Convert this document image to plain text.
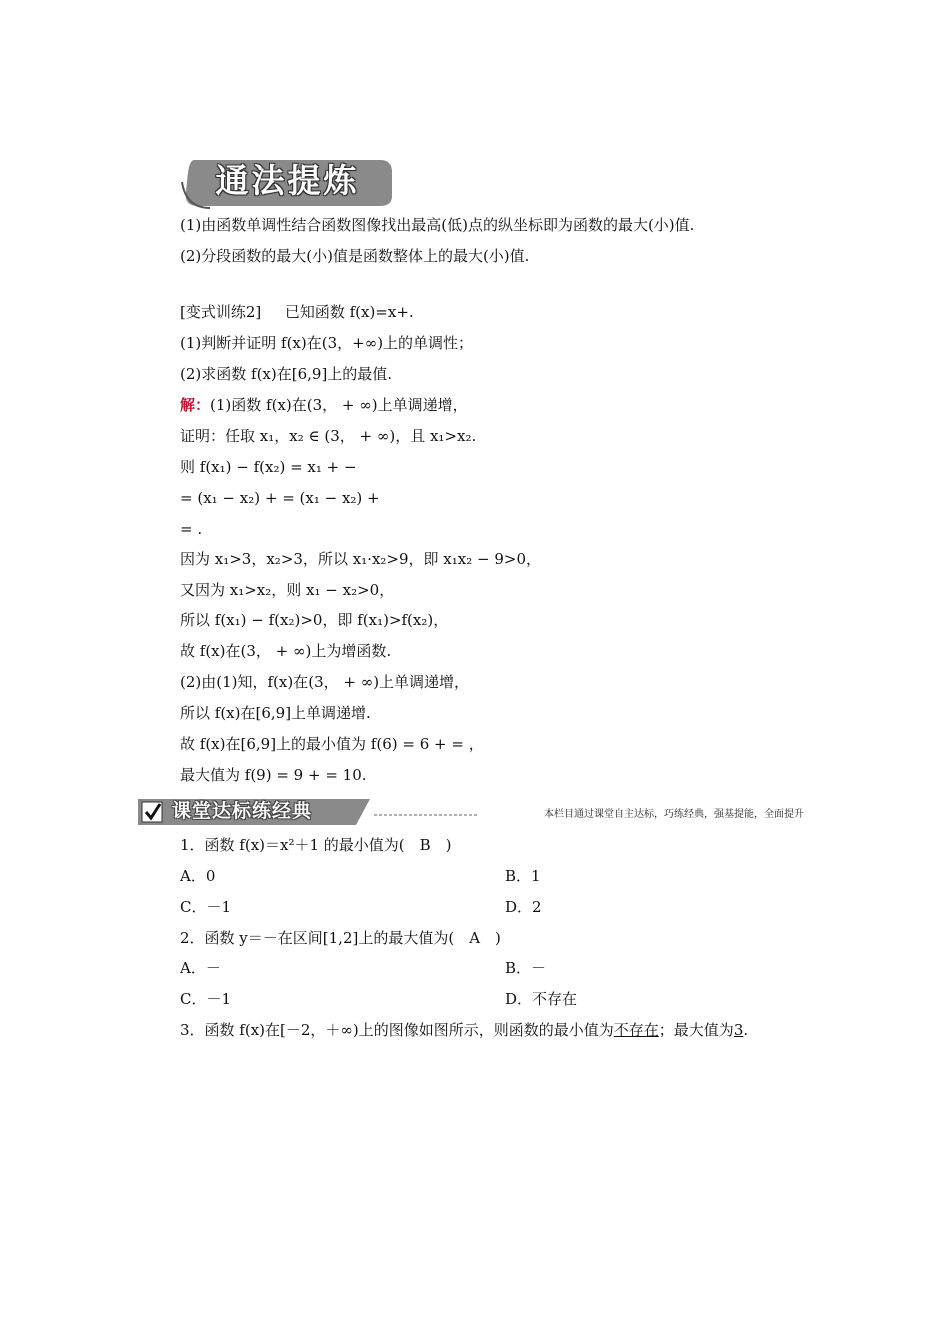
通法提炼
(1)由函数单调性结合函数图像找出最高(低)点的纵坐标即为函数的最大(小)值.
(2)分段函数的最大(小)值是函数整体上的最大(小)值.
[变式训练2] 已知函数 f(x)=x+.
(1)判断并证明 f(x)在(3，+∞)上的单调性；
(2)求函数 f(x)在[6,9]上的最值.
解：(1)函数 f(x)在(3， + ∞)上单调递增，
证明：任取 x₁，x₂ ∈ (3， + ∞)，且 x₁>x₂.
则 f(x₁) − f(x₂) = x₁ + −
= (x₁ − x₂) + = (x₁ − x₂) +
= .
因为 x₁>3，x₂>3，所以 x₁·x₂>9，即 x₁x₂ − 9>0，
又因为 x₁>x₂，则 x₁ − x₂>0，
所以 f(x₁) − f(x₂)>0，即 f(x₁)>f(x₂)，
故 f(x)在(3， + ∞)上为增函数.
(2)由(1)知，f(x)在(3， + ∞)上单调递增，
所以 f(x)在[6,9]上单调递增.
故 f(x)在[6,9]上的最小值为 f(6) = 6 + = ，
最大值为 f(9) = 9 + = 10.
课堂达标练经典	本栏目通过课堂自主达标，巧练经典，强基提能，全面提升
1．函数 f(x)＝x²＋1 的最小值为(　B　)
A．0	B．1
C．－1	D．2
2．函数 y＝－在区间[1,2]上的最大值为(　A　)
A．－	B．－
C．－1	D．不存在
3．函数 f(x)在[－2，＋∞)上的图像如图所示，则函数的最小值为不存在；最大值为3.
